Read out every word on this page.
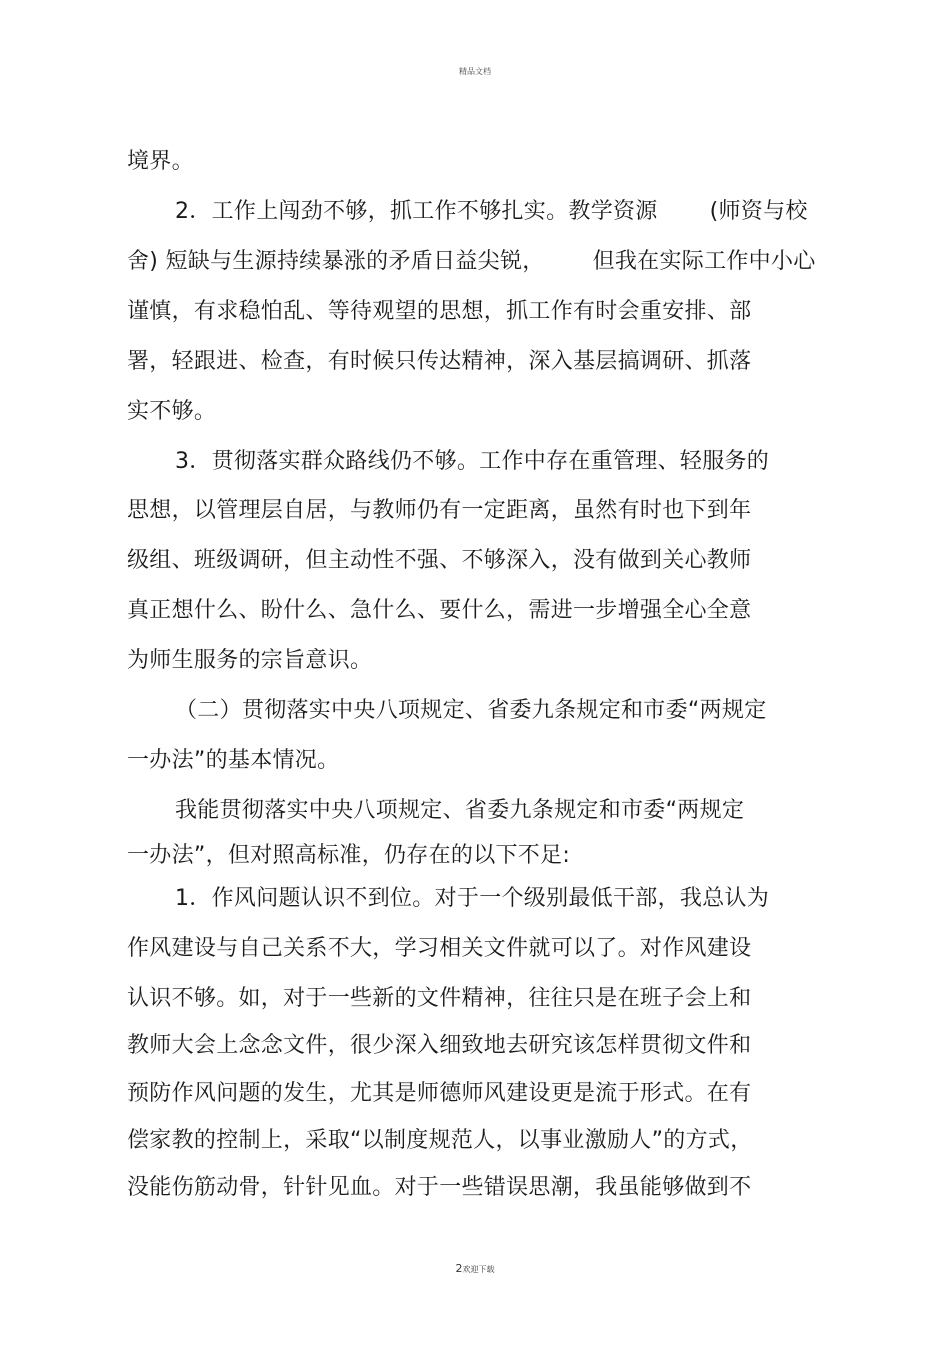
精品文档
境界。
2．工作上闯劲不够，抓工作不够扎实。教学资源 (师资与校
舍) 短缺与生源持续暴涨的矛盾日益尖锐， 但我在实际工作中小心
谨慎，有求稳怕乱、等待观望的思想，抓工作有时会重安排、部
署，轻跟进、检查，有时候只传达精神，深入基层搞调研、抓落
实不够。
3．贯彻落实群众路线仍不够。工作中存在重管理、轻服务的
思想，以管理层自居，与教师仍有一定距离，虽然有时也下到年
级组、班级调研，但主动性不强、不够深入，没有做到关心教师
真正想什么、盼什么、急什么、要什么，需进一步增强全心全意
为师生服务的宗旨意识。
（二）贯彻落实中央八项规定、省委九条规定和市委“两规定
一办法”的基本情况。
我能贯彻落实中央八项规定、省委九条规定和市委“两规定
一办法”，但对照高标准，仍存在的以下不足:
1．作风问题认识不到位。对于一个级别最低干部，我总认为
作风建设与自己关系不大，学习相关文件就可以了。对作风建设
认识不够。如，对于一些新的文件精神，往往只是在班子会上和
教师大会上念念文件，很少深入细致地去研究该怎样贯彻文件和
预防作风问题的发生，尤其是师德师风建设更是流于形式。在有
偿家教的控制上，采取“以制度规范人，以事业激励人”的方式，
没能伤筋动骨，针针见血。对于一些错误思潮，我虽能够做到不
2欢迎下载
